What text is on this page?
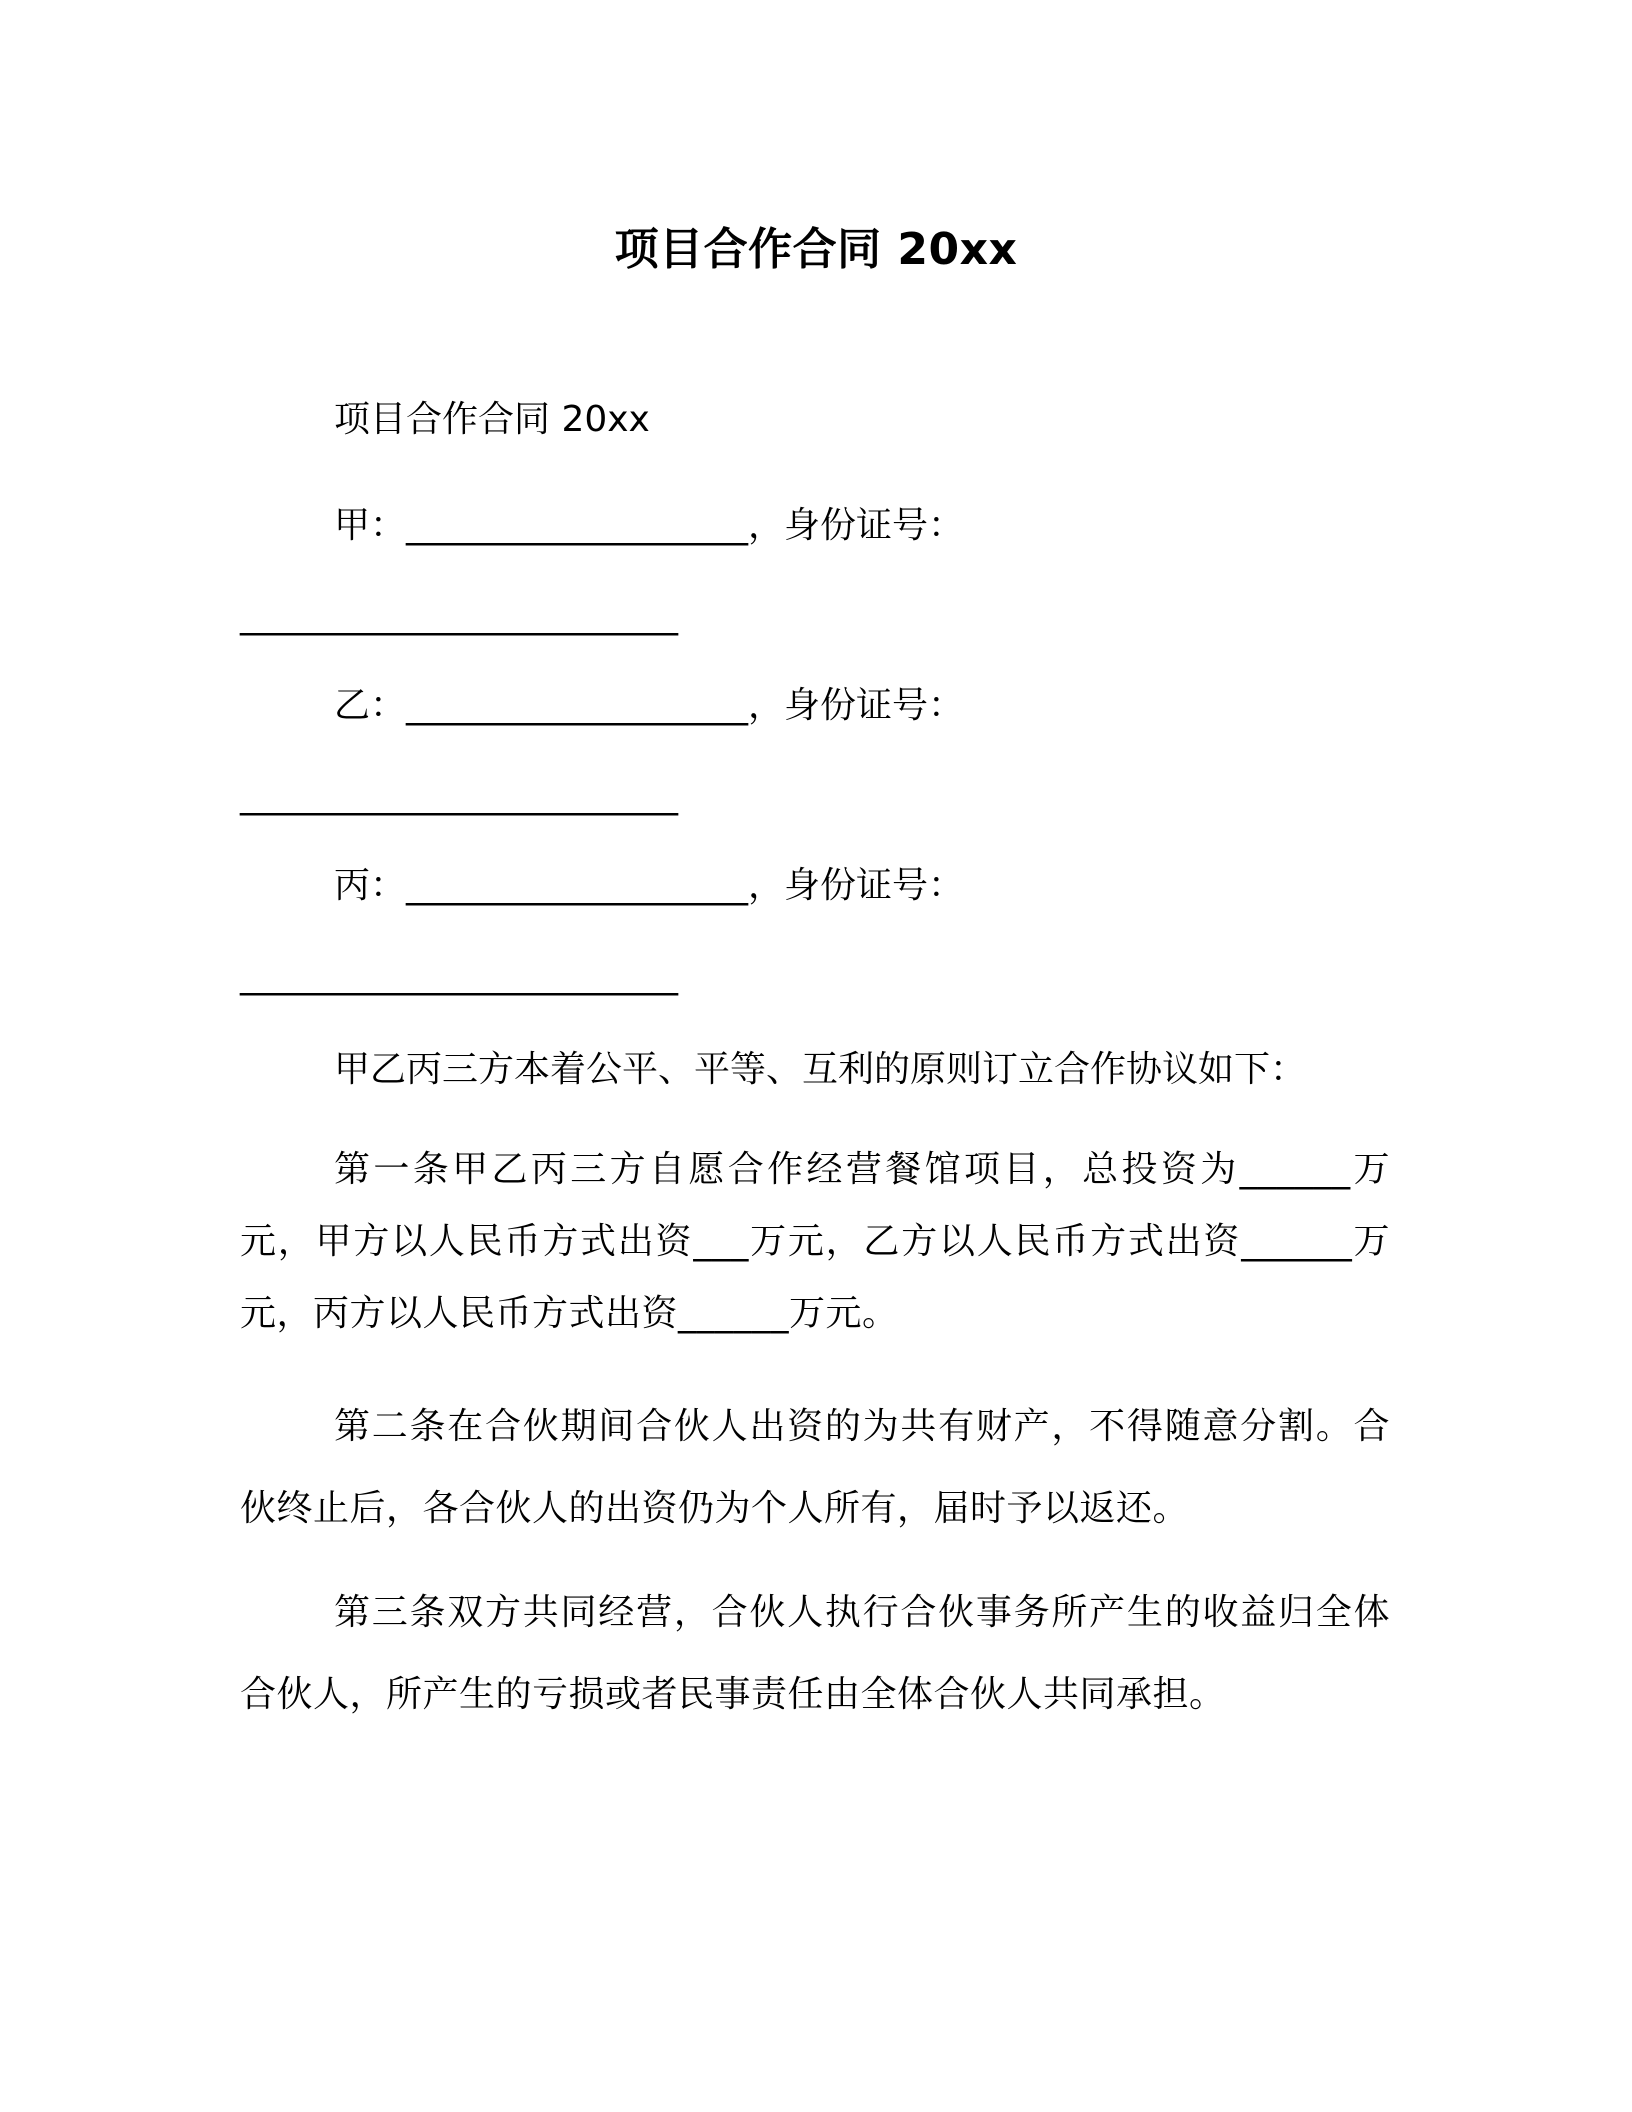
项目合作合同 20xx
项目合作合同 20xx
甲：___________________，身份证号：
_________________________
乙：___________________，身份证号：
_________________________
丙：___________________，身份证号：
_________________________
甲乙丙三方本着公平、平等、互利的原则订立合作协议如下：
第一条甲乙丙三方自愿合作经营餐馆项目，总投资为______万元，甲方以人民币方式出资___万元，乙方以人民币方式出资______万元，丙方以人民币方式出资______万元。
第二条在合伙期间合伙人出资的为共有财产，不得随意分割。合伙终止后，各合伙人的出资仍为个人所有，届时予以返还。
第三条双方共同经营，合伙人执行合伙事务所产生的收益归全体合伙人，所产生的亏损或者民事责任由全体合伙人共同承担。
